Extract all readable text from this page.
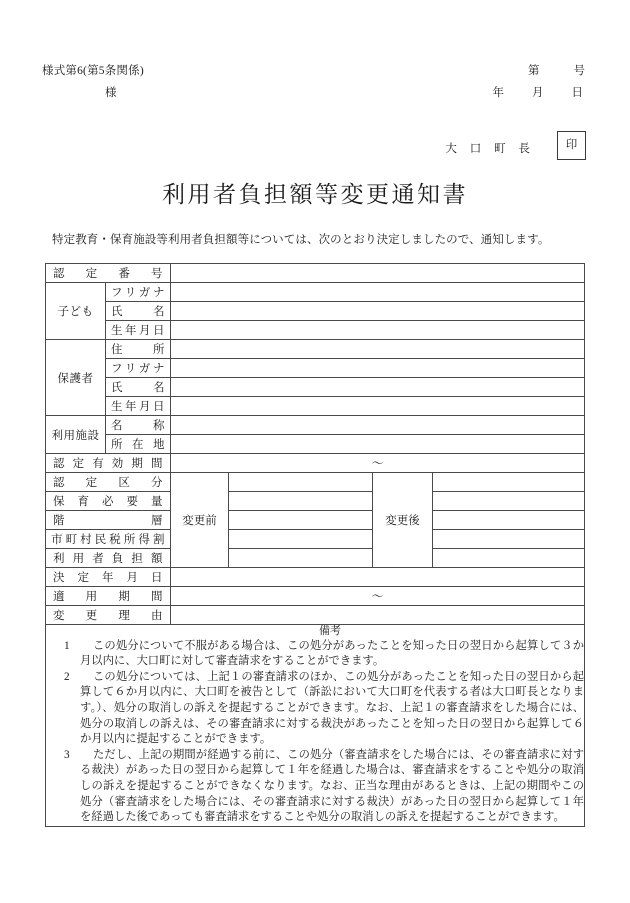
様式第6(第5条関係)	第	号
様	年 月 日
大 口 町 長	印
利用者負担額等変更通知書
特定教育・保育施設等利用者負担額等については、次のとおり決定しましたので、通知します。
認定番号					

子ども	フリガナ				

	氏名				

	生年月日				

保護者	住所				

	フリガナ				

	氏名				

	生年月日				

利用施設	名称				

	所在地				

認定有効期間		～			

認定区分		変更前		変更後	

保育必要量					

階層					

市町村民税所得割					

利用者負担額					

決定年月日					

適用期間		～			

変更理由					

備考
1 この処分について不服がある場合は、この処分があったことを知った日の翌日から起算して３か月以内に、大口町に対して審査請求をすることができます。
2 この処分については、上記１の審査請求のほか、この処分があったことを知った日の翌日から起算して６か月以内に、大口町を被告として（訴訟において大口町を代表する者は大口町長となります。）、処分の取消しの訴えを提起することができます。なお、上記１の審査請求をした場合には、処分の取消しの訴えは、その審査請求に対する裁決があったことを知った日の翌日から起算して６か月以内に提起することができます。
3 ただし、上記の期間が経過する前に、この処分（審査請求をした場合には、その審査請求に対する裁決）があった日の翌日から起算して１年を経過した場合は、審査請求をすることや処分の取消しの訴えを提起することができなくなります。なお、正当な理由があるときは、上記の期間やこの処分（審査請求をした場合には、その審査請求に対する裁決）があった日の翌日から起算して１年を経過した後であっても審査請求をすることや処分の取消しの訴えを提起することができます。
